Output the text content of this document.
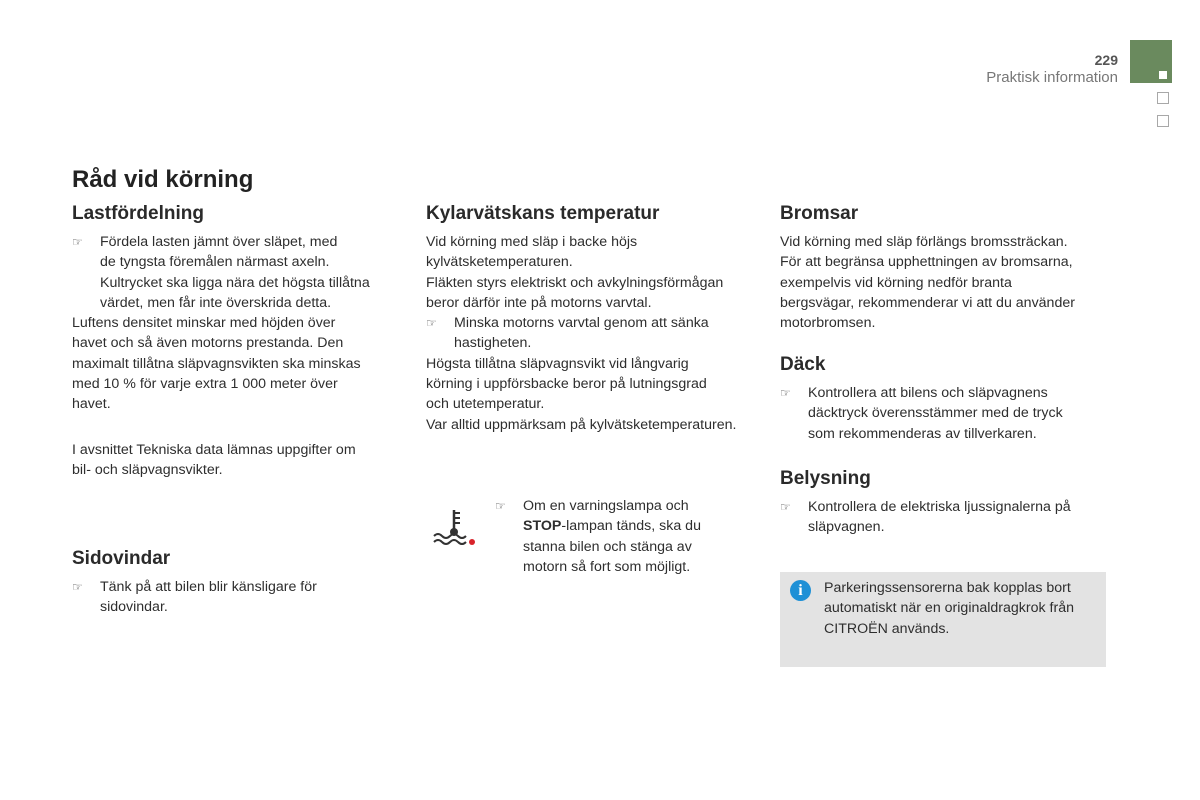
229
Praktisk information
Råd vid körning
Lastfördelning
☞ Fördela lasten jämnt över släpet, med

de tyngsta föremålen närmast axeln.

Kultrycket ska ligga nära det högsta tillåtna

värdet, men får inte överskrida detta.

Luftens densitet minskar med höjden över

havet och så även motorns prestanda. Den

maximalt tillåtna släpvagnsvikten ska minskas

med 10 % för varje extra 1 000 meter över

havet.

I avsnittet Tekniska data lämnas uppgifter om

bil- och släpvagnsvikter.

Sidovindar
☞ Tänk på att bilen blir känsligare för

sidovindar.

Kylarvätskans temperatur

Vid körning med släp i backe höjs

kylvätsketemperaturen.

Fläkten styrs elektriskt och avkylningsförmågan

beror därför inte på motorns varvtal.

☞ Minska motorns varvtal genom att sänka

hastigheten.

Högsta tillåtna släpvagnsvikt vid långvarig

körning i uppförsbacke beror på lutningsgrad

och utetemperatur.

Var alltid uppmärksam på kylvätsketemperaturen.

☞ Om en varningslampa och

STOP-lampan tänds, ska du

stanna bilen och stänga av

motorn så fort som möjligt.

Bromsar

Vid körning med släp förlängs bromssträckan.

För att begränsa upphettningen av bromsarna,

exempelvis vid körning nedför branta

bergsvägar, rekommenderar vi att du använder

motorbromsen.

Däck
☞ Kontrollera att bilens och släpvagnens

däcktryck överensstämmer med de tryck

som rekommenderas av tillverkaren.

Belysning
☞ Kontrollera de elektriska ljussignalerna på

släpvagnen.

i	Parkeringssensorerna bak kopplas bort

automatiskt när en originaldragkrok från

CITROËN används.
